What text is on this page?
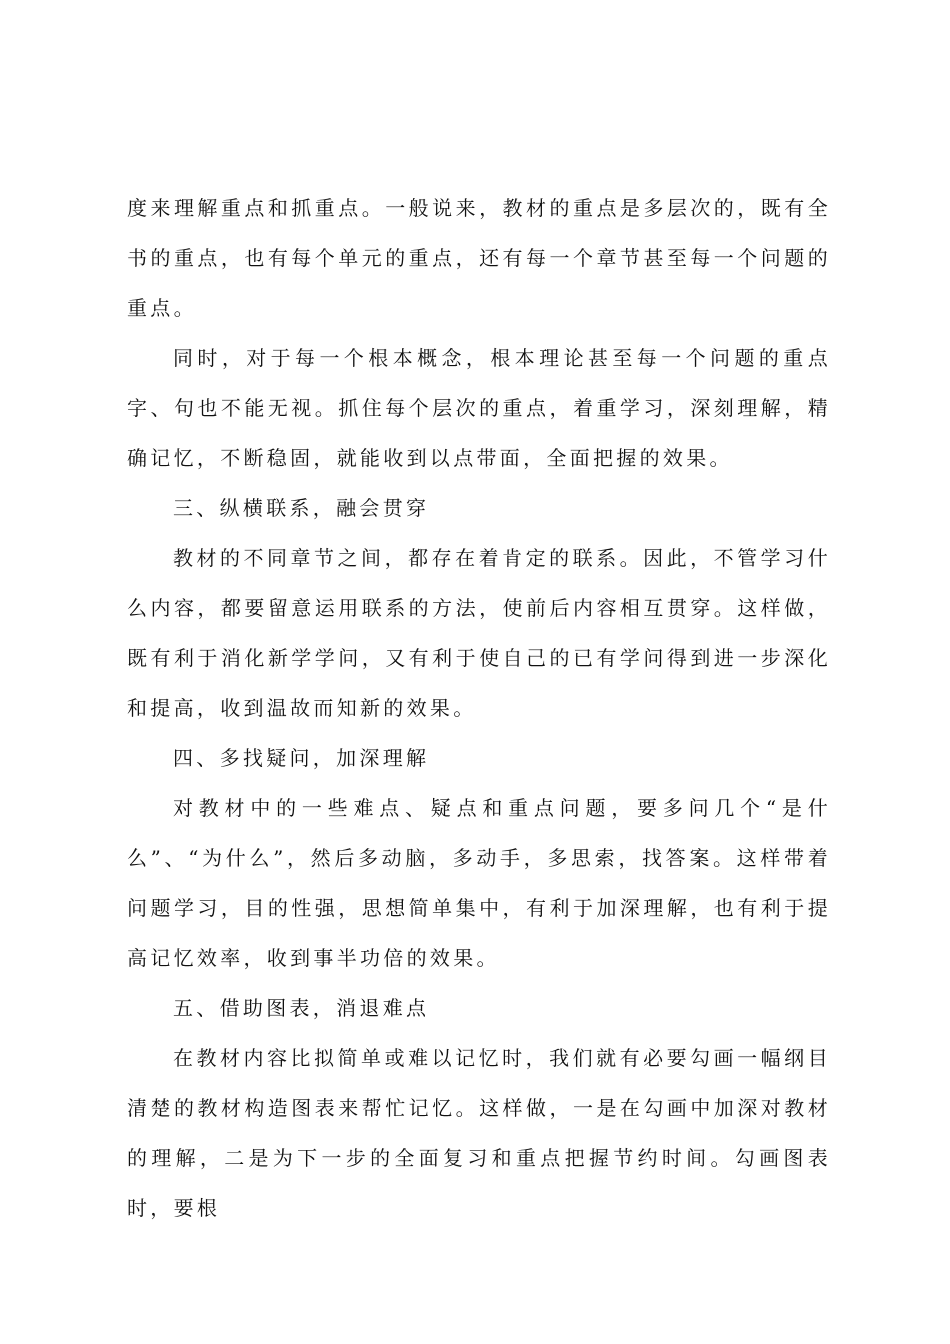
度来理解重点和抓重点。一般说来，教材的重点是多层次的，既有全书的重点，也有每个单元的重点，还有每一个章节甚至每一个问题的重点。

同时，对于每一个根本概念，根本理论甚至每一个问题的重点字、句也不能无视。抓住每个层次的重点，着重学习，深刻理解，精确记忆，不断稳固，就能收到以点带面，全面把握的效果。

三、纵横联系，融会贯穿

教材的不同章节之间，都存在着肯定的联系。因此，不管学习什么内容，都要留意运用联系的方法，使前后内容相互贯穿。这样做，既有利于消化新学学问，又有利于使自己的已有学问得到进一步深化和提高，收到温故而知新的效果。

四、多找疑问，加深理解

对教材中的一些难点、疑点和重点问题，要多问几个“是什么”、“为什么”，然后多动脑，多动手，多思索，找答案。这样带着问题学习，目的性强，思想简单集中，有利于加深理解，也有利于提高记忆效率，收到事半功倍的效果。

五、借助图表，消退难点

在教材内容比拟简单或难以记忆时，我们就有必要勾画一幅纲目清楚的教材构造图表来帮忙记忆。这样做，一是在勾画中加深对教材的理解，二是为下一步的全面复习和重点把握节约时间。勾画图表时，要根
